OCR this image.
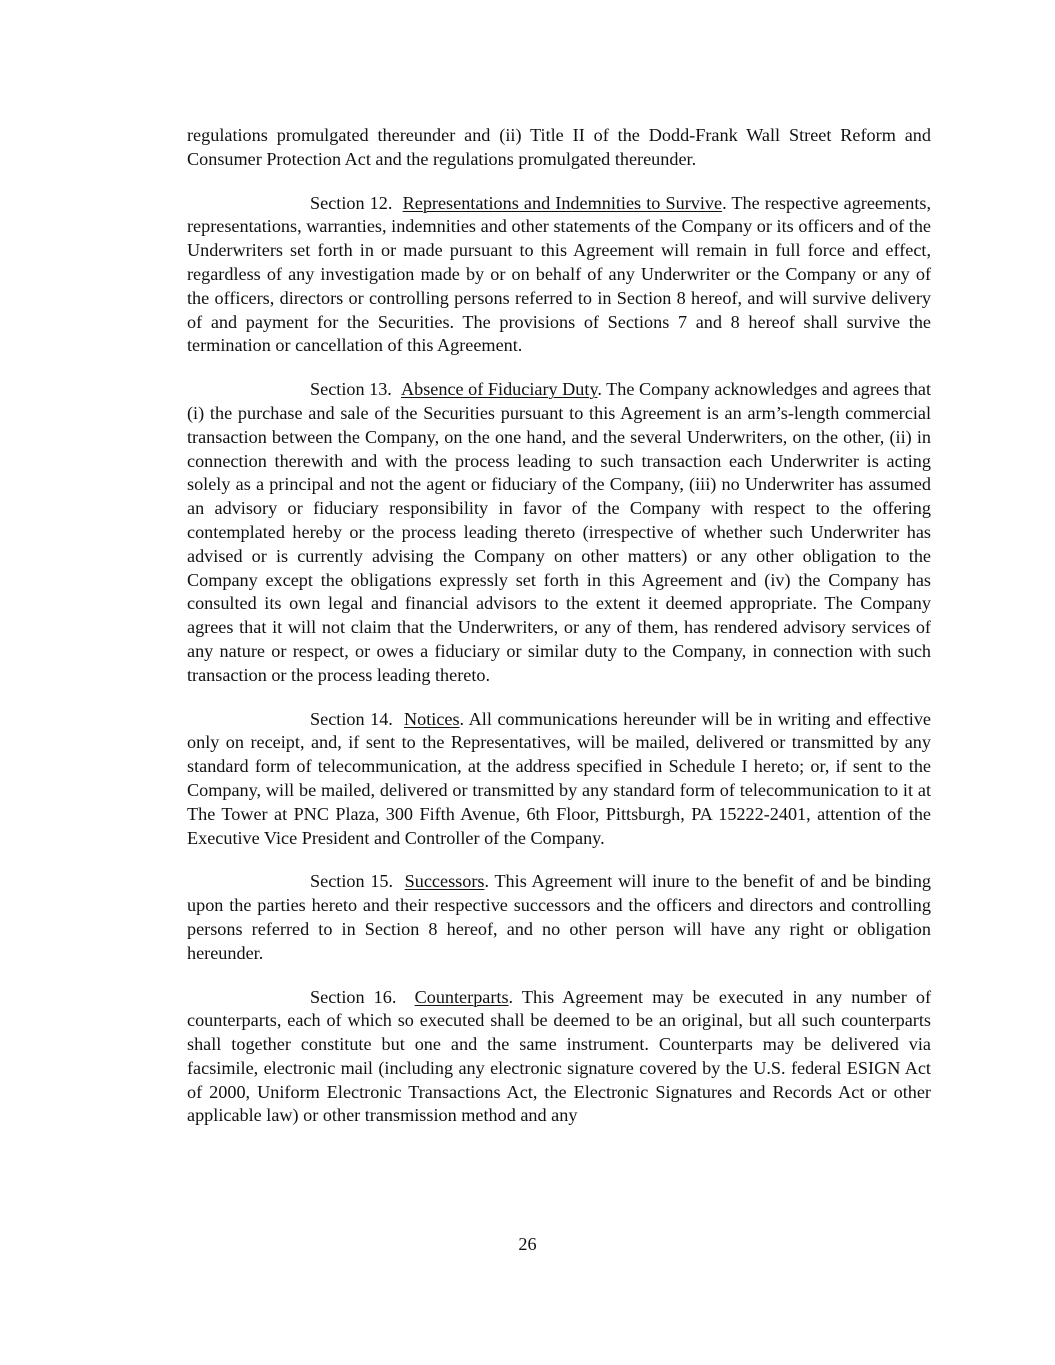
regulations promulgated thereunder and (ii) Title II of the Dodd-Frank Wall Street Reform and Consumer Protection Act and the regulations promulgated thereunder.

Section 12. Representations and Indemnities to Survive. The respective agreements, representations, warranties, indemnities and other statements of the Company or its officers and of the Underwriters set forth in or made pursuant to this Agreement will remain in full force and effect, regardless of any investigation made by or on behalf of any Underwriter or the Company or any of the officers, directors or controlling persons referred to in Section 8 hereof, and will survive delivery of and payment for the Securities. The provisions of Sections 7 and 8 hereof shall survive the termination or cancellation of this Agreement.

Section 13. Absence of Fiduciary Duty. The Company acknowledges and agrees that (i) the purchase and sale of the Securities pursuant to this Agreement is an arm’s-length commercial transaction between the Company, on the one hand, and the several Underwriters, on the other, (ii) in connection therewith and with the process leading to such transaction each Underwriter is acting solely as a principal and not the agent or fiduciary of the Company, (iii) no Underwriter has assumed an advisory or fiduciary responsibility in favor of the Company with respect to the offering contemplated hereby or the process leading thereto (irrespective of whether such Underwriter has advised or is currently advising the Company on other matters) or any other obligation to the Company except the obligations expressly set forth in this Agreement and (iv) the Company has consulted its own legal and financial advisors to the extent it deemed appropriate. The Company agrees that it will not claim that the Underwriters, or any of them, has rendered advisory services of any nature or respect, or owes a fiduciary or similar duty to the Company, in connection with such transaction or the process leading thereto.

Section 14. Notices. All communications hereunder will be in writing and effective only on receipt, and, if sent to the Representatives, will be mailed, delivered or transmitted by any standard form of telecommunication, at the address specified in Schedule I hereto; or, if sent to the Company, will be mailed, delivered or transmitted by any standard form of telecommunication to it at The Tower at PNC Plaza, 300 Fifth Avenue, 6th Floor, Pittsburgh, PA 15222-2401, attention of the Executive Vice President and Controller of the Company.

Section 15. Successors. This Agreement will inure to the benefit of and be binding upon the parties hereto and their respective successors and the officers and directors and controlling persons referred to in Section 8 hereof, and no other person will have any right or obligation hereunder.

Section 16. Counterparts. This Agreement may be executed in any number of counterparts, each of which so executed shall be deemed to be an original, but all such counterparts shall together constitute but one and the same instrument. Counterparts may be delivered via facsimile, electronic mail (including any electronic signature covered by the U.S. federal ESIGN Act of 2000, Uniform Electronic Transactions Act, the Electronic Signatures and Records Act or other applicable law) or other transmission method and any

26
